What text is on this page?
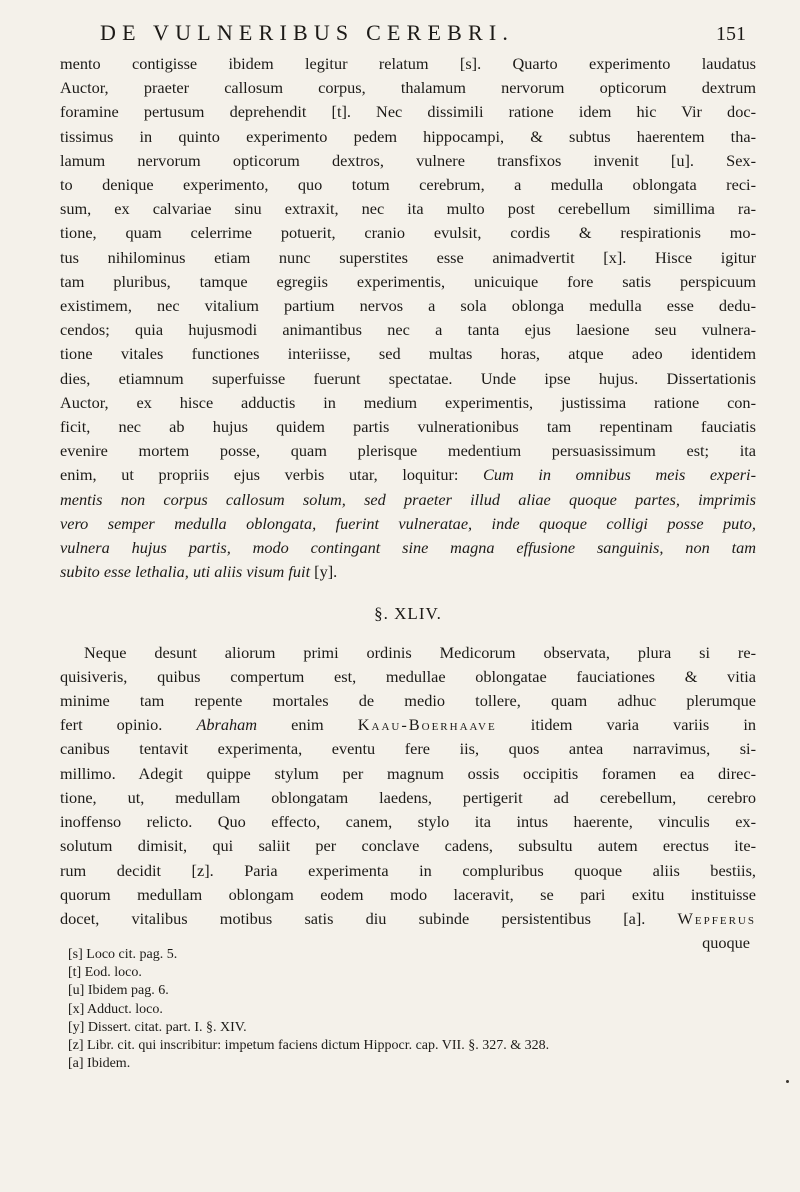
DE VULNERIBUS CEREBRI.	151

mento contigisse ibidem legitur relatum [s]. Quarto experimento laudatus

Auctor, praeter callosum corpus, thalamum nervorum opticorum dextrum

foramine pertusum deprehendit [t]. Nec dissimili ratione idem hic Vir doc-

tissimus in quinto experimento pedem hippocampi, & subtus haerentem tha-

lamum nervorum opticorum dextros, vulnere transfixos invenit [u]. Sex-

to denique experimento, quo totum cerebrum, a medulla oblongata reci-

sum, ex calvariae sinu extraxit, nec ita multo post cerebellum simillima ra-

tione, quam celerrime potuerit, cranio evulsit, cordis & respirationis mo-

tus nihilominus etiam nunc superstites esse animadvertit [x]. Hisce igitur

tam pluribus, tamque egregiis experimentis, unicuique fore satis perspicuum

existimem, nec vitalium partium nervos a sola oblonga medulla esse dedu-

cendos; quia hujusmodi animantibus nec a tanta ejus laesione seu vulnera-

tione vitales functiones interiisse, sed multas horas, atque adeo identidem

dies, etiamnum superfuisse fuerunt spectatae. Unde ipse hujus. Dissertationis

Auctor, ex hisce adductis in medium experimentis, justissima ratione con-

ficit, nec ab hujus quidem partis vulnerationibus tam repentinam fauciatis

evenire mortem posse, quam plerisque medentium persuasissimum est; ita

enim, ut propriis ejus verbis utar, loquitur: Cum in omnibus meis experi-

mentis non corpus callosum solum, sed praeter illud aliae quoque partes, imprimis

vero semper medulla oblongata, fuerint vulneratae, inde quoque colligi posse puto,

vulnera hujus partis, modo contingant sine magna effusione sanguinis, non tam

subito esse lethalia, uti aliis visum fuit [y].

§. XLIV.

Neque desunt aliorum primi ordinis Medicorum observata, plura si re-

quisiveris, quibus compertum est, medullae oblongatae fauciationes & vitia

minime tam repente mortales de medio tollere, quam adhuc plerumque

fert opinio. Abraham enim Kaau-Boerhaave itidem varia variis in

canibus tentavit experimenta, eventu fere iis, quos antea narravimus, si-

millimo. Adegit quippe stylum per magnum ossis occipitis foramen ea direc-

tione, ut, medullam oblongatam laedens, pertigerit ad cerebellum, cerebro

inoffenso relicto. Quo effecto, canem, stylo ita intus haerente, vinculis ex-

solutum dimisit, qui saliit per conclave cadens, subsultu autem erectus ite-

rum decidit [z]. Paria experimenta in compluribus quoque aliis bestiis,

quorum medullam oblongam eodem modo laceravit, se pari exitu instituisse

docet, vitalibus motibus satis diu subinde persistentibus [a]. Wepferus

quoque

[s] Loco cit. pag. 5.
[t] Eod. loco.
[u] Ibidem pag. 6.
[x] Adduct. loco.
[y] Dissert. citat. part. I. §. XIV.
[z] Libr. cit. qui inscribitur: impetum faciens dictum Hippocr. cap. VII. §. 327. & 328.
[a] Ibidem.
